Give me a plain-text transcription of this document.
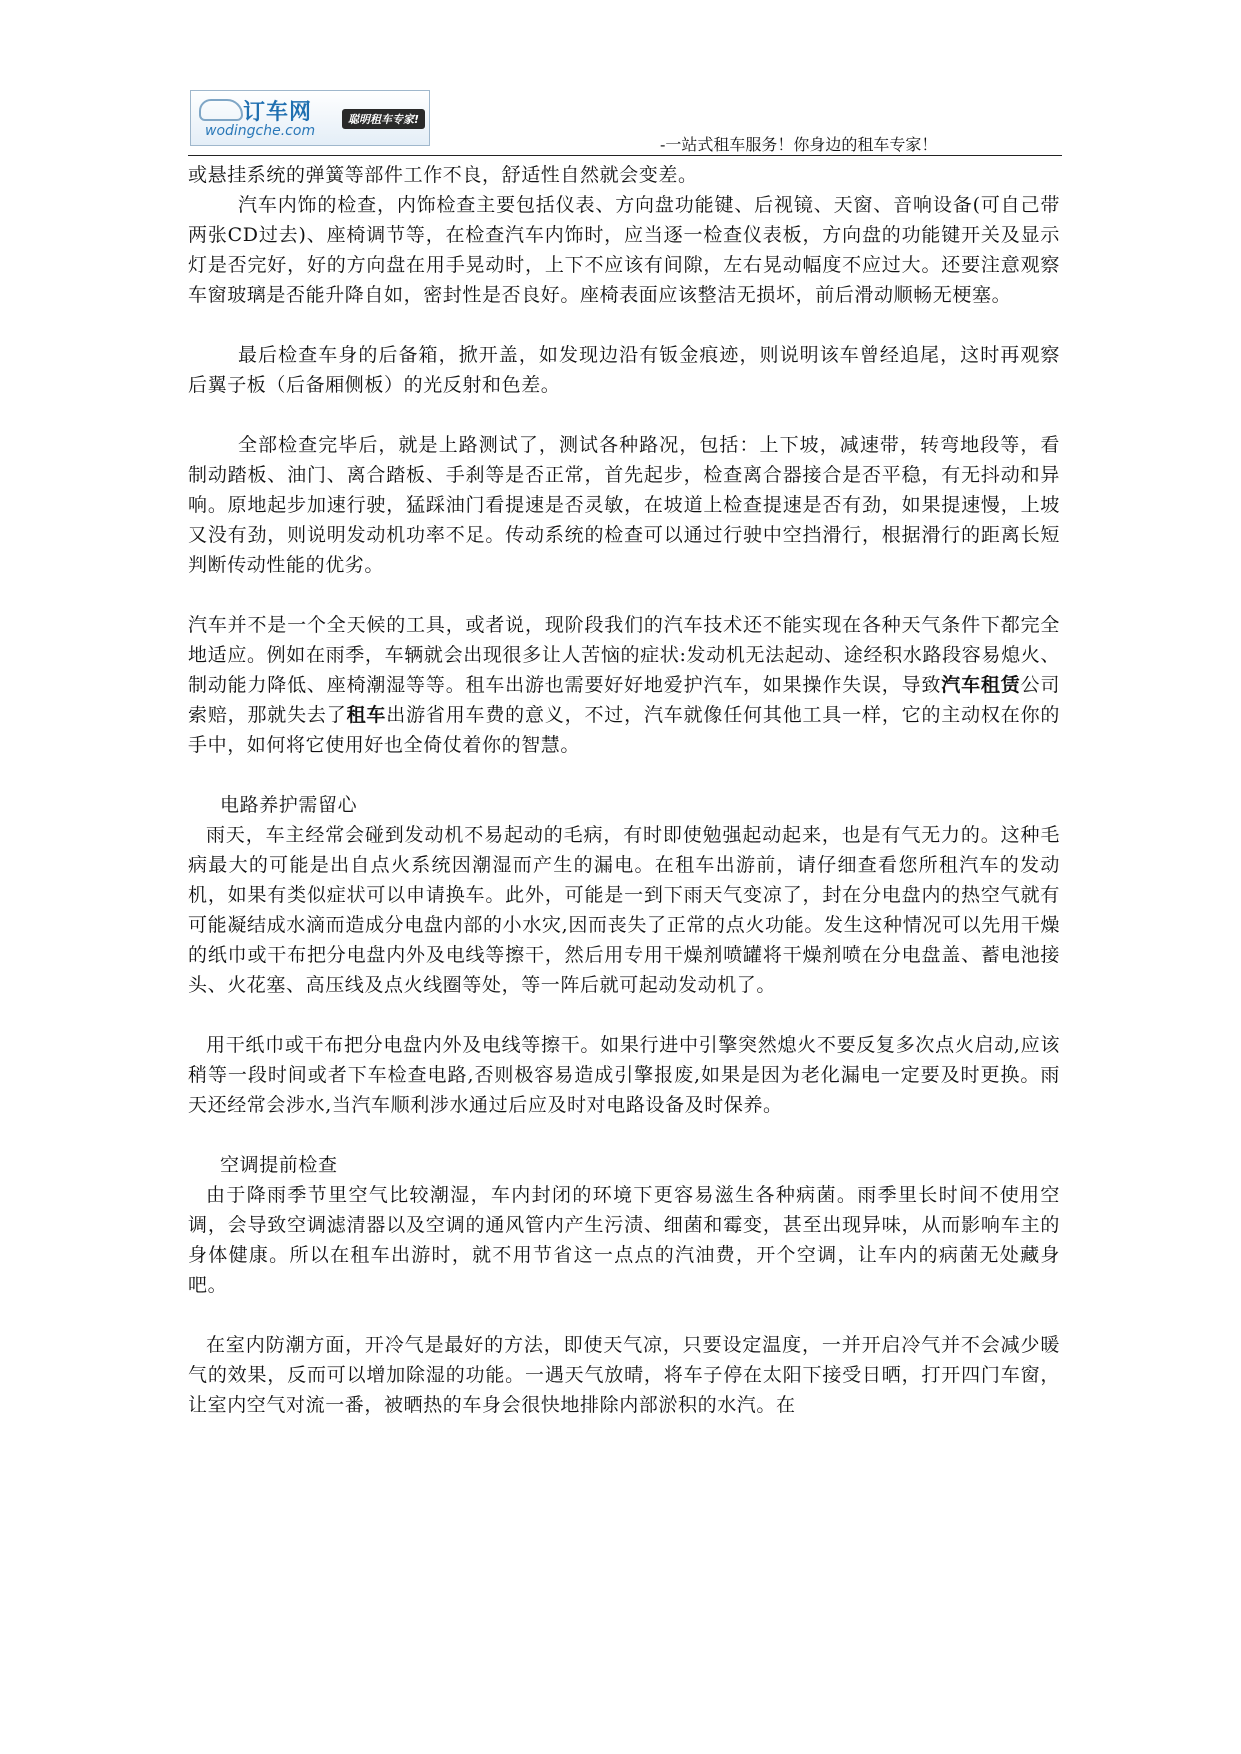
订车网
wodingche.com
聪明租车专家!
-一站式租车服务！你身边的租车专家！

或悬挂系统的弹簧等部件工作不良，舒适性自然就会变差。

汽车内饰的检查，内饰检查主要包括仪表、方向盘功能键、后视镜、天窗、音响设备(可自己带两张CD过去)、座椅调节等，在检查汽车内饰时，应当逐一检查仪表板，方向盘的功能键开关及显示灯是否完好，好的方向盘在用手晃动时，上下不应该有间隙，左右晃动幅度不应过大。还要注意观察车窗玻璃是否能升降自如，密封性是否良好。座椅表面应该整洁无损坏，前后滑动顺畅无梗塞。

最后检查车身的后备箱，掀开盖，如发现边沿有钣金痕迹，则说明该车曾经追尾，这时再观察后翼子板（后备厢侧板）的光反射和色差。

全部检查完毕后，就是上路测试了，测试各种路况，包括：上下坡，减速带，转弯地段等，看制动踏板、油门、离合踏板、手刹等是否正常，首先起步，检查离合器接合是否平稳，有无抖动和异响。原地起步加速行驶，猛踩油门看提速是否灵敏，在坡道上检查提速是否有劲，如果提速慢，上坡又没有劲，则说明发动机功率不足。传动系统的检查可以通过行驶中空挡滑行，根据滑行的距离长短判断传动性能的优劣。

汽车并不是一个全天候的工具，或者说，现阶段我们的汽车技术还不能实现在各种天气条件下都完全地适应。例如在雨季，车辆就会出现很多让人苦恼的症状:发动机无法起动、途经积水路段容易熄火、制动能力降低、座椅潮湿等等。租车出游也需要好好地爱护汽车，如果操作失误，导致汽车租赁公司索赔，那就失去了租车出游省用车费的意义，不过，汽车就像任何其他工具一样，它的主动权在你的手中，如何将它使用好也全倚仗着你的智慧。

电路养护需留心

雨天，车主经常会碰到发动机不易起动的毛病，有时即使勉强起动起来，也是有气无力的。这种毛病最大的可能是出自点火系统因潮湿而产生的漏电。在租车出游前，请仔细查看您所租汽车的发动机，如果有类似症状可以申请换车。此外，可能是一到下雨天气变凉了，封在分电盘内的热空气就有可能凝结成水滴而造成分电盘内部的小水灾,因而丧失了正常的点火功能。发生这种情况可以先用干燥的纸巾或干布把分电盘内外及电线等擦干，然后用专用干燥剂喷罐将干燥剂喷在分电盘盖、蓄电池接头、火花塞、高压线及点火线圈等处，等一阵后就可起动发动机了。

用干纸巾或干布把分电盘内外及电线等擦干。如果行进中引擎突然熄火不要反复多次点火启动,应该稍等一段时间或者下车检查电路,否则极容易造成引擎报废,如果是因为老化漏电一定要及时更换。雨天还经常会涉水,当汽车顺利涉水通过后应及时对电路设备及时保养。

空调提前检查

由于降雨季节里空气比较潮湿，车内封闭的环境下更容易滋生各种病菌。雨季里长时间不使用空调，会导致空调滤清器以及空调的通风管内产生污渍、细菌和霉变，甚至出现异味，从而影响车主的身体健康。所以在租车出游时，就不用节省这一点点的汽油费，开个空调，让车内的病菌无处藏身吧。

在室内防潮方面，开冷气是最好的方法，即使天气凉，只要设定温度，一并开启冷气并不会减少暖气的效果，反而可以增加除湿的功能。一遇天气放晴，将车子停在太阳下接受日晒，打开四门车窗，让室内空气对流一番，被晒热的车身会很快地排除内部淤积的水汽。在
